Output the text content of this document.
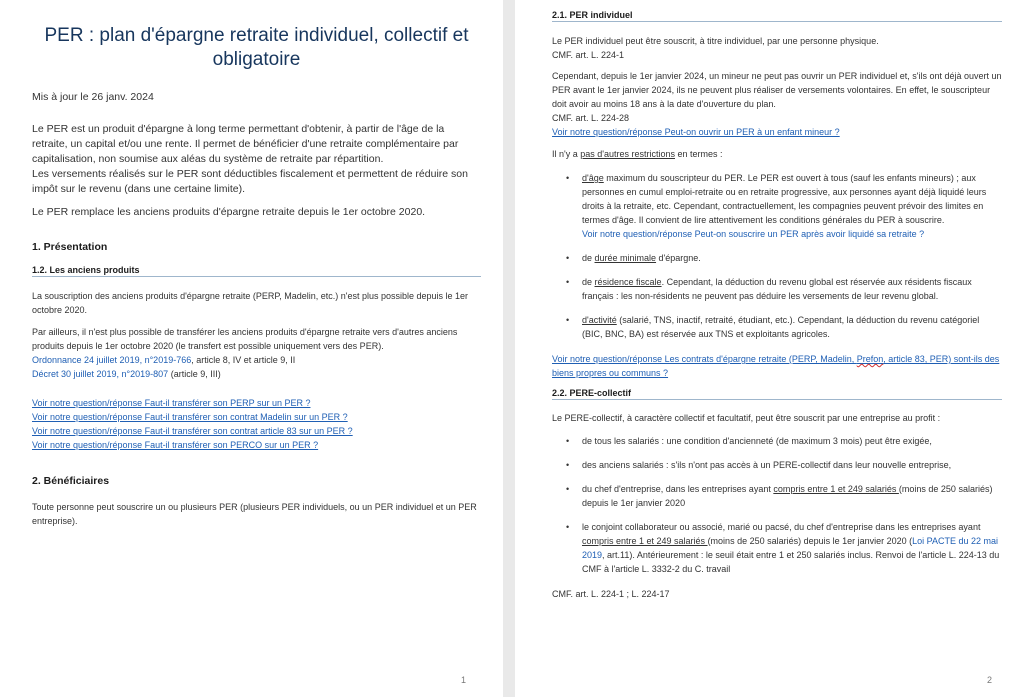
PER : plan d'épargne retraite individuel, collectif et obligatoire

Mis à jour le 26 janv. 2024

Le PER est un produit d'épargne à long terme permettant d'obtenir, à partir de l'âge de la retraite, un capital et/ou une rente. Il permet de bénéficier d'une retraite complémentaire par capitalisation, non soumise aux aléas du système de retraite par répartition.

Les versements réalisés sur le PER sont déductibles fiscalement et permettent de réduire son impôt sur le revenu (dans une certaine limite).

Le PER remplace les anciens produits d'épargne retraite depuis le 1er octobre 2020.

1. Présentation

1.2. Les anciens produits

La souscription des anciens produits d'épargne retraite (PERP, Madelin, etc.) n'est plus possible depuis le 1er octobre 2020.

Par ailleurs, il n'est plus possible de transférer les anciens produits d'épargne retraite vers d'autres anciens produits depuis le 1er octobre 2020 (le transfert est possible uniquement vers des PER).

Ordonnance 24 juillet 2019, n°2019-766, article 8, IV et article 9, II

Décret 30 juillet 2019, n°2019-807 (article 9, III)

Voir notre question/réponse Faut-il transférer son PERP sur un PER ?

Voir notre question/réponse Faut-il transférer son contrat Madelin sur un PER ?

Voir notre question/réponse Faut-il transférer son contrat article 83 sur un PER ?

Voir notre question/réponse Faut-il transférer son PERCO sur un PER ?

2. Bénéficiaires

Toute personne peut souscrire un ou plusieurs PER (plusieurs PER individuels, ou un PER individuel et un PER entreprise).

1

2.1. PER individuel

Le PER individuel peut être souscrit, à titre individuel, par une personne physique.

CMF. art. L. 224-1

Cependant, depuis le 1er janvier 2024, un mineur ne peut pas ouvrir un PER individuel et, s'ils ont déjà ouvert un PER avant le 1er janvier 2024, ils ne peuvent plus réaliser de versements volontaires. En effet, le souscripteur doit avoir au moins 18 ans à la date d'ouverture du plan.

CMF. art. L. 224-28

Voir notre question/réponse Peut-on ouvrir un PER à un enfant mineur ?

Il n'y a pas d'autres restrictions en termes :

• d'âge maximum du souscripteur du PER. Le PER est ouvert à tous (sauf les enfants mineurs) ; aux personnes en cumul emploi-retraite ou en retraite progressive, aux personnes ayant déjà liquidé leurs droits à la retraite, etc. Cependant, contractuellement, les compagnies peuvent prévoir des limites en termes d'âge. Il convient de lire attentivement les conditions générales du PER à souscrire.
Voir notre question/réponse Peut-on souscrire un PER après avoir liquidé sa retraite ?
• de durée minimale d'épargne.
• de résidence fiscale. Cependant, la déduction du revenu global est réservée aux résidents fiscaux français : les non-résidents ne peuvent pas déduire les versements de leur revenu global.
• d'activité (salarié, TNS, inactif, retraité, étudiant, etc.). Cependant, la déduction du revenu catégoriel (BIC, BNC, BA) est réservée aux TNS et exploitants agricoles.

Voir notre question/réponse Les contrats d'épargne retraite (PERP, Madelin, Prefon, article 83, PER) sont-ils des biens propres ou communs ?

2.2. PERE-collectif

Le PERE-collectif, à caractère collectif et facultatif, peut être souscrit par une entreprise au profit :

• de tous les salariés : une condition d'ancienneté (de maximum 3 mois) peut être exigée,
• des anciens salariés : s'ils n'ont pas accès à un PERE-collectif dans leur nouvelle entreprise,
• du chef d'entreprise, dans les entreprises ayant compris entre 1 et 249 salariés (moins de 250 salariés) depuis le 1er janvier 2020
• le conjoint collaborateur ou associé, marié ou pacsé, du chef d'entreprise dans les entreprises ayant compris entre 1 et 249 salariés (moins de 250 salariés) depuis le 1er janvier 2020 (Loi PACTE du 22 mai 2019, art.11). Antérieurement : le seuil était entre 1 et 250 salariés inclus. Renvoi de l'article L. 224-13 du CMF à l'article L. 3332-2 du C. travail

CMF. art. L. 224-1 ; L. 224-17

2
